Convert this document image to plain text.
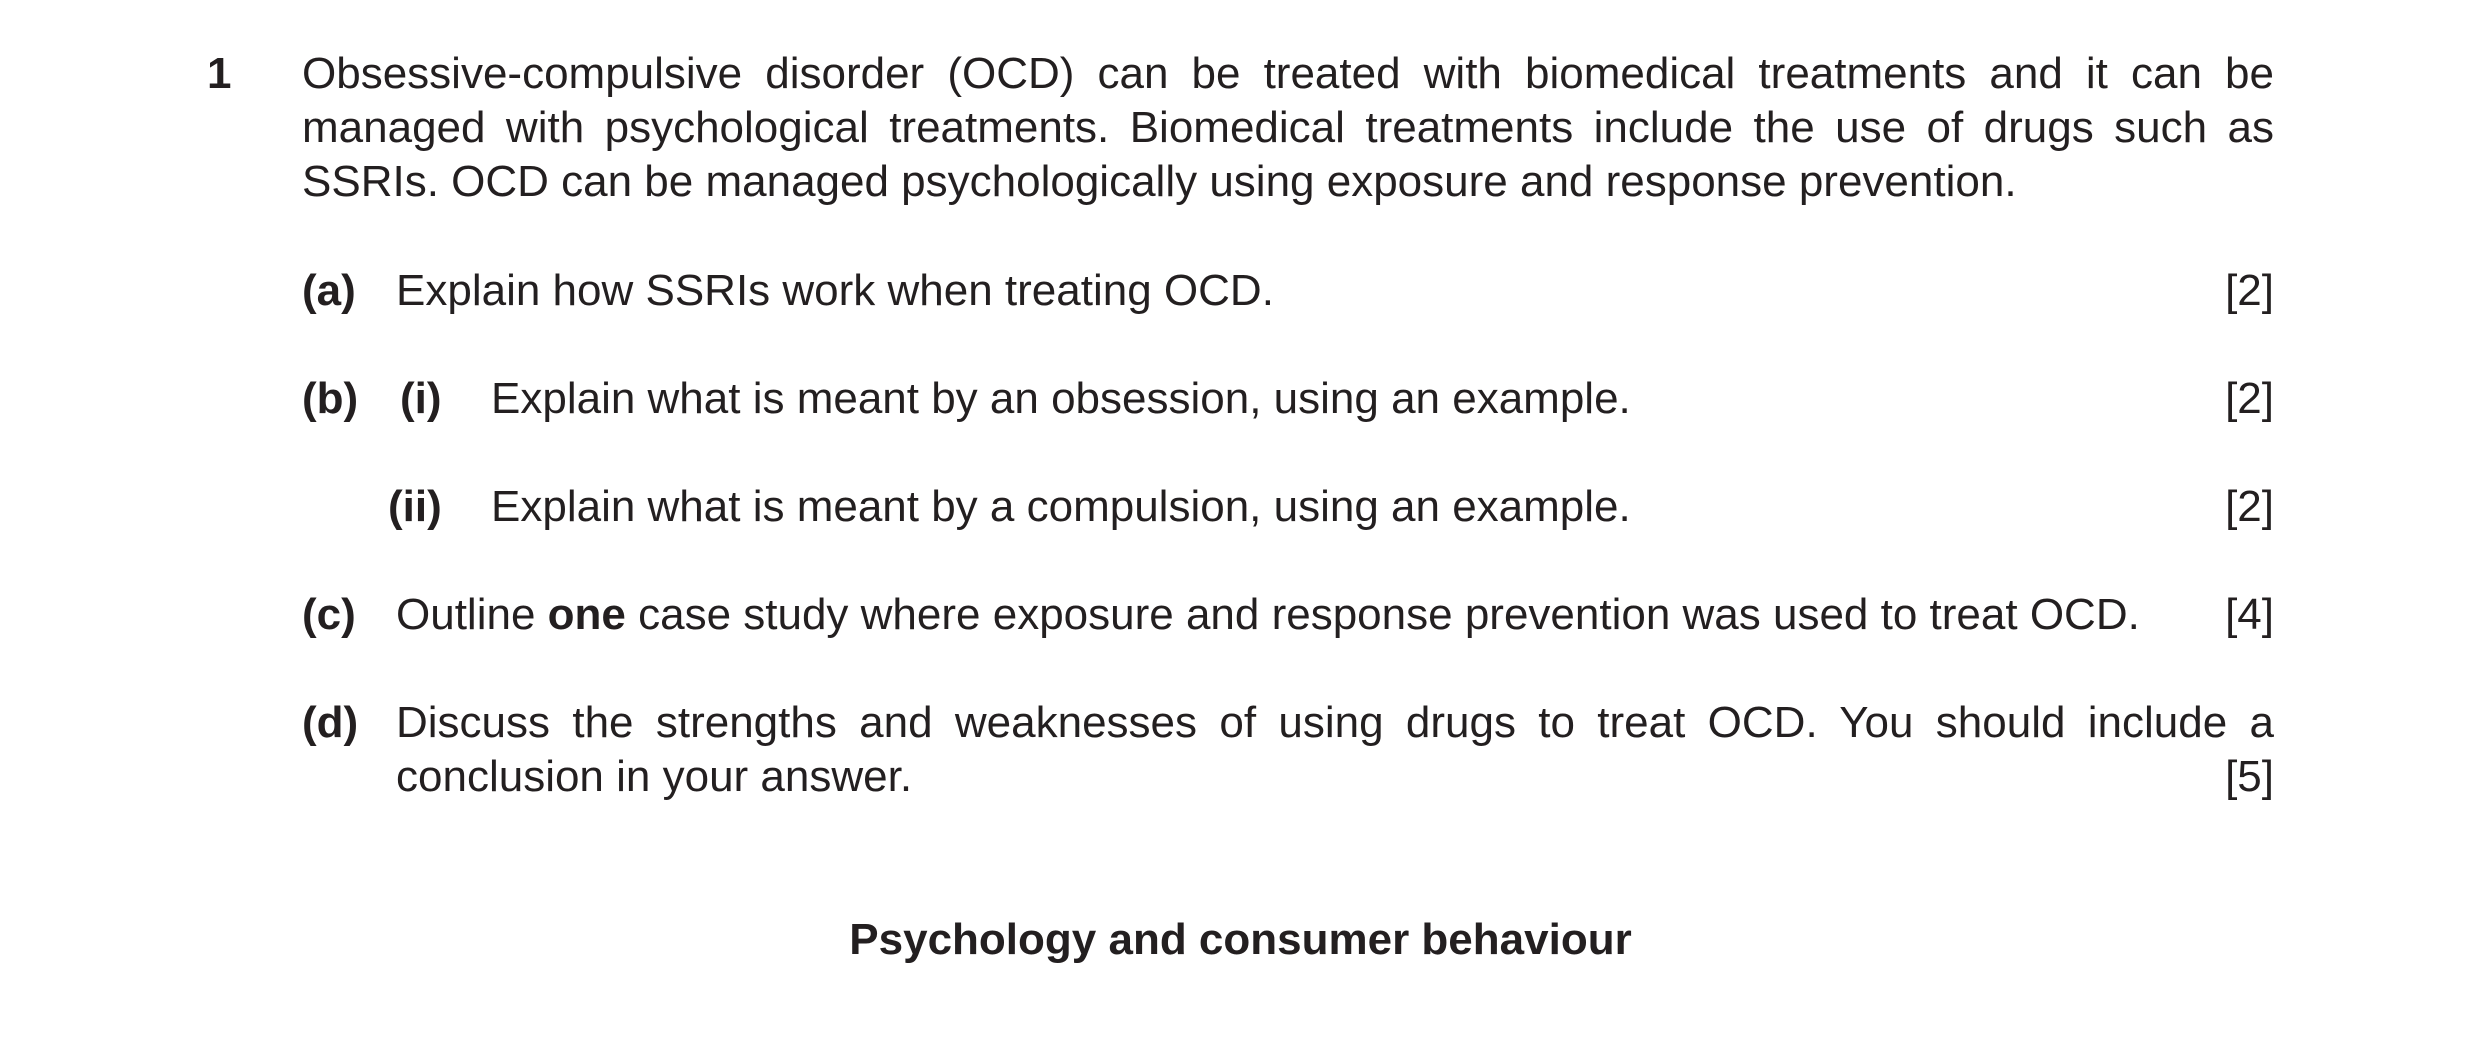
1 Obsessive-compulsive disorder (OCD) can be treated with biomedical treatments and it can be managed with psychological treatments. Biomedical treatments include the use of drugs such as SSRIs. OCD can be managed psychologically using exposure and response prevention.
(a) Explain how SSRIs work when treating OCD.	[2]
(b) (i) Explain what is meant by an obsession, using an example.	[2]
(ii) Explain what is meant by a compulsion, using an example.	[2]
(c) Outline one case study where exposure and response prevention was used to treat OCD.	[4]
(d) Discuss the strengths and weaknesses of using drugs to treat OCD. You should include a conclusion in your answer.	[5]
Psychology and consumer behaviour
